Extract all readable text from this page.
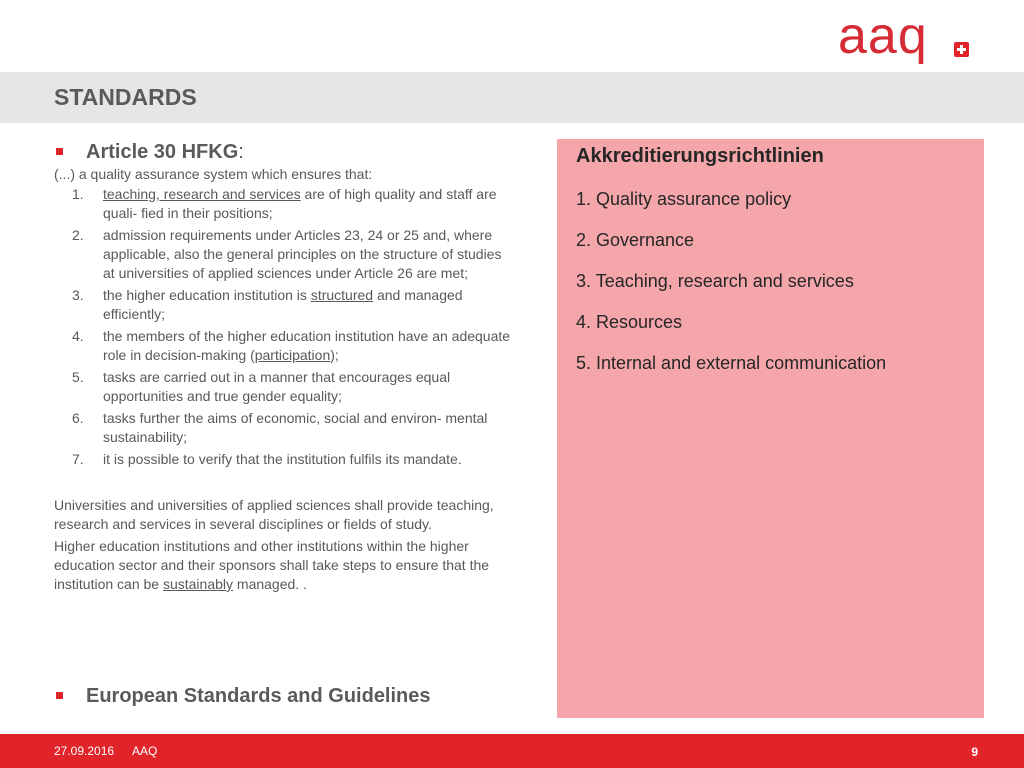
aaq
STANDARDS
Article 30 HFKG:
(...) a quality assurance system which ensures that:
1. teaching, research and services are of high quality and staff are quali- fied in their positions;
2. admission requirements under Articles 23, 24 or 25 and, where applicable, also the general principles on the structure of studies at universities of applied sciences under Article 26 are met;
3. the higher education institution is structured and managed efficiently;
4. the members of the higher education institution have an adequate role in decision-making (participation);
5. tasks are carried out in a manner that encourages equal opportunities and true gender equality;
6. tasks further the aims of economic, social and environ- mental sustainability;
7. it is possible to verify that the institution fulfils its mandate.
Universities and universities of applied sciences shall provide teaching, research and services in several disciplines or fields of study.
Higher education institutions and other institutions within the higher education sector and their sponsors shall take steps to ensure that the institution can be sustainably managed. .
European Standards and Guidelines
Akkreditierungsrichtlinien
1. Quality assurance policy
2. Governance
3. Teaching, research and services
4. Resources
5. Internal and external communication
27.09.2016 AAQ	9
